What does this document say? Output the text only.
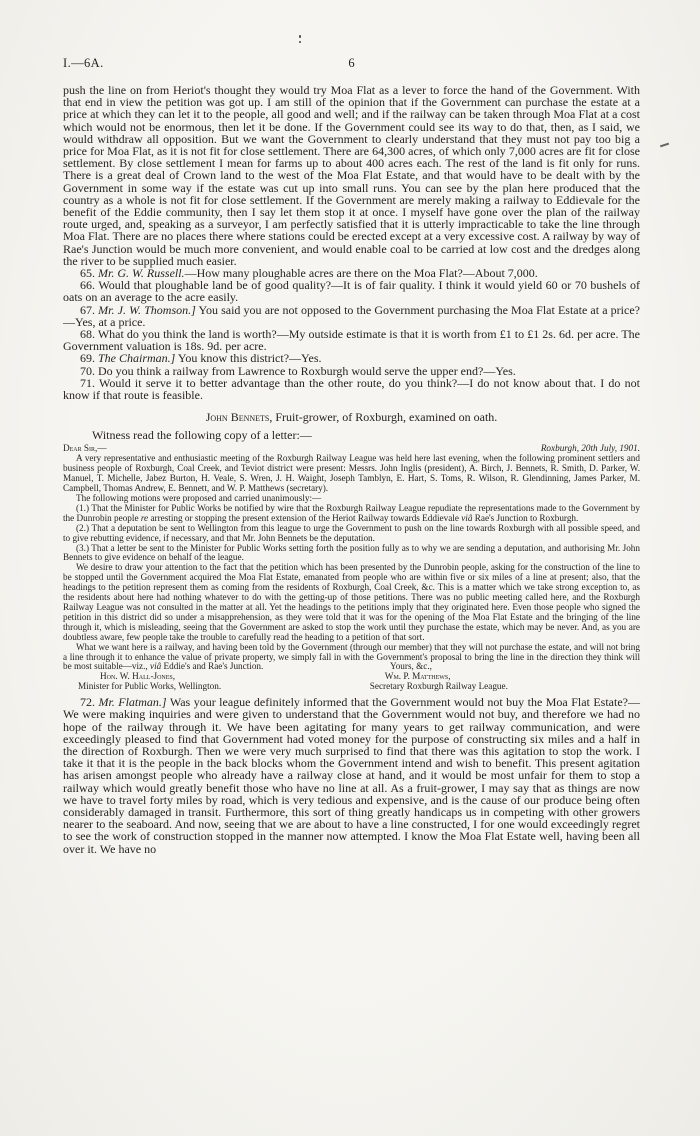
I.—6A.	6

push the line on from Heriot's thought they would try Moa Flat as a lever to force the hand of the Government. With that end in view the petition was got up. I am still of the opinion that if the Government can purchase the estate at a price at which they can let it to the people, all good and well; and if the railway can be taken through Moa Flat at a cost which would not be enormous, then let it be done. If the Government could see its way to do that, then, as I said, we would withdraw all opposition. But we want the Government to clearly understand that they must not pay too big a price for Moa Flat, as it is not fit for close settlement. There are 64,300 acres, of which only 7,000 acres are fit for close settlement. By close settlement I mean for farms up to about 400 acres each. The rest of the land is fit only for runs. There is a great deal of Crown land to the west of the Moa Flat Estate, and that would have to be dealt with by the Government in some way if the estate was cut up into small runs. You can see by the plan here produced that the country as a whole is not fit for close settlement. If the Government are merely making a railway to Eddievale for the benefit of the Eddie community, then I say let them stop it at once. I myself have gone over the plan of the railway route urged, and, speaking as a surveyor, I am perfectly satisfied that it is utterly impracticable to take the line through Moa Flat. There are no places there where stations could be erected except at a very excessive cost. A railway by way of Rae's Junction would be much more convenient, and would enable coal to be carried at low cost and the dredges along the river to be supplied much easier.

65. Mr. G. W. Russell.—How many ploughable acres are there on the Moa Flat?—About 7,000.

66. Would that ploughable land be of good quality?—It is of fair quality. I think it would yield 60 or 70 bushels of oats on an average to the acre easily.

67. Mr. J. W. Thomson.] You said you are not opposed to the Government purchasing the Moa Flat Estate at a price?—Yes, at a price.

68. What do you think the land is worth?—My outside estimate is that it is worth from £1 to £1 2s. 6d. per acre. The Government valuation is 18s. 9d. per acre.

69. The Chairman.] You know this district?—Yes.

70. Do you think a railway from Lawrence to Roxburgh would serve the upper end?—Yes.

71. Would it serve it to better advantage than the other route, do you think?—I do not know about that. I do not know if that route is feasible.

John Bennets, Fruit-grower, of Roxburgh, examined on oath.

Witness read the following copy of a letter:—

Dear Sir,—	Roxburgh, 20th July, 1901.

A very representative and enthusiastic meeting of the Roxburgh Railway League was held here last evening, when the following prominent settlers and business people of Roxburgh, Coal Creek, and Teviot district were present: Messrs. John Inglis (president), A. Birch, J. Bennets, R. Smith, D. Parker, W. Manuel, T. Michelle, Jabez Burton, H. Veale, S. Wren, J. H. Waight, Joseph Tamblyn, E. Hart, S. Toms, R. Wilson, R. Glendinning, James Parker, M. Campbell, Thomas Andrew, E. Bennett, and W. P. Matthews (secretary).

The following motions were proposed and carried unanimously:—

(1.) That the Minister for Public Works be notified by wire that the Roxburgh Railway League repudiate the representations made to the Government by the Dunrobin people re arresting or stopping the present extension of the Heriot Railway towards Eddievale viâ Rae's Junction to Roxburgh.

(2.) That a deputation be sent to Wellington from this league to urge the Government to push on the line towards Roxburgh with all possible speed, and to give rebutting evidence, if necessary, and that Mr. John Bennets be the deputation.

(3.) That a letter be sent to the Minister for Public Works setting forth the position fully as to why we are sending a deputation, and authorising Mr. John Bennets to give evidence on behalf of the league.

We desire to draw your attention to the fact that the petition which has been presented by the Dunrobin people, asking for the construction of the line to be stopped until the Government acquired the Moa Flat Estate, emanated from people who are within five or six miles of a line at present; also, that the headings to the petition represent them as coming from the residents of Roxburgh, Coal Creek, &c. This is a matter which we take strong exception to, as the residents about here had nothing whatever to do with the getting-up of those petitions. There was no public meeting called here, and the Roxburgh Railway League was not consulted in the matter at all. Yet the headings to the petitions imply that they originated here. Even those people who signed the petition in this district did so under a misapprehension, as they were told that it was for the opening of the Moa Flat Estate and the bringing of the line through it, which is misleading, seeing that the Government are asked to stop the work until they purchase the estate, which may be never. And, as you are doubtless aware, few people take the trouble to carefully read the heading to a petition of that sort.

What we want here is a railway, and having been told by the Government (through our member) that they will not purchase the estate, and will not bring a line through it to enhance the value of private property, we simply fall in with the Government's proposal to bring the line in the direction they think will be most suitable—viz., viâ Eddie's and Rae's Junction.	Yours, &c.,
Hon. W. Hall-Jones,	Wm. P. Matthews,
Minister for Public Works, Wellington.	Secretary Roxburgh Railway League.

72. Mr. Flatman.] Was your league definitely informed that the Government would not buy the Moa Flat Estate?—We were making inquiries and were given to understand that the Government would not buy, and therefore we had no hope of the railway through it. We have been agitating for many years to get railway communication, and were exceedingly pleased to find that Government had voted money for the purpose of constructing six miles and a half in the direction of Roxburgh. Then we were very much surprised to find that there was this agitation to stop the work. I take it that it is the people in the back blocks whom the Government intend and wish to benefit. This present agitation has arisen amongst people who already have a railway close at hand, and it would be most unfair for them to stop a railway which would greatly benefit those who have no line at all. As a fruit-grower, I may say that as things are now we have to travel forty miles by road, which is very tedious and expensive, and is the cause of our produce being often considerably damaged in transit. Furthermore, this sort of thing greatly handicaps us in competing with other growers nearer to the seaboard. And now, seeing that we are about to have a line constructed, I for one would exceedingly regret to see the work of construction stopped in the manner now attempted. I know the Moa Flat Estate well, having been all over it. We have no
